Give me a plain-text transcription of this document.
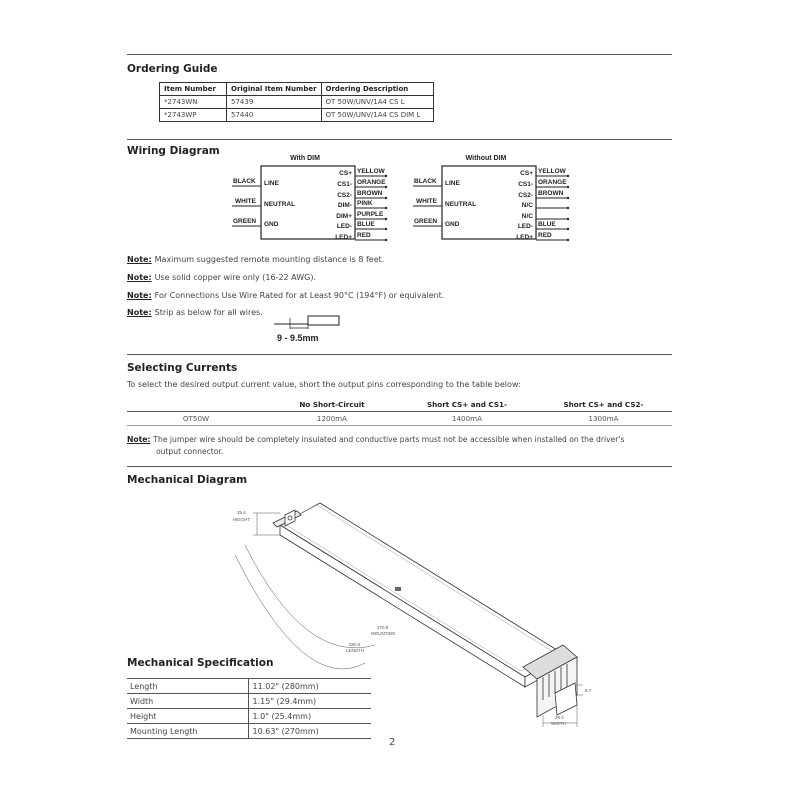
Ordering Guide
Item Number	Original Item Number	Ordering Description
*2743WN	57439	OT 50W/UNV/1A4 CS L
*2743WP	57440	OT 50W/UNV/1A4 CS DIM L
Wiring Diagram
With DIM
BLACK LINE
WHITE NEUTRAL
GREEN GND
CS+ YELLOW
CS1- ORANGE
CS2- BROWN
DIM- PINK
DIM+ PURPLE
LED- BLUE
LED+ RED
Without DIM
BLACK LINE
WHITE NEUTRAL
GREEN GND
CS+ YELLOW
CS1- ORANGE
CS2- BROWN
N/C
N/C
LED- BLUE
LED+ RED
Note: Maximum suggested remote mounting distance is 8 feet.
Note: Use solid copper wire only (16-22 AWG).
Note: For Connections Use Wire Rated for at Least 90°C (194°F) or equivalent.
Note: Strip as below for all wires.
9 - 9.5mm
Selecting Currents
To select the desired output current value, short the output pins corresponding to the table below:
	No Short-Circuit	Short CS+ and CS1-	Short CS+ and CS2-
OT50W	1200mA	1400mA	1300mA
Note: The jumper wire should be completely insulated and conductive parts must not be accessible when installed on the driver's
output connector.
Mechanical Diagram
25.4
HEIGHT
270.0
MOUNTING
280.0
LENGTH
8.7
29.4
WIDTH
Mechanical Specification
Length	11.02" (280mm)
Width	1.15" (29.4mm)
Height	1.0" (25.4mm)
Mounting Length	10.63" (270mm)
2
